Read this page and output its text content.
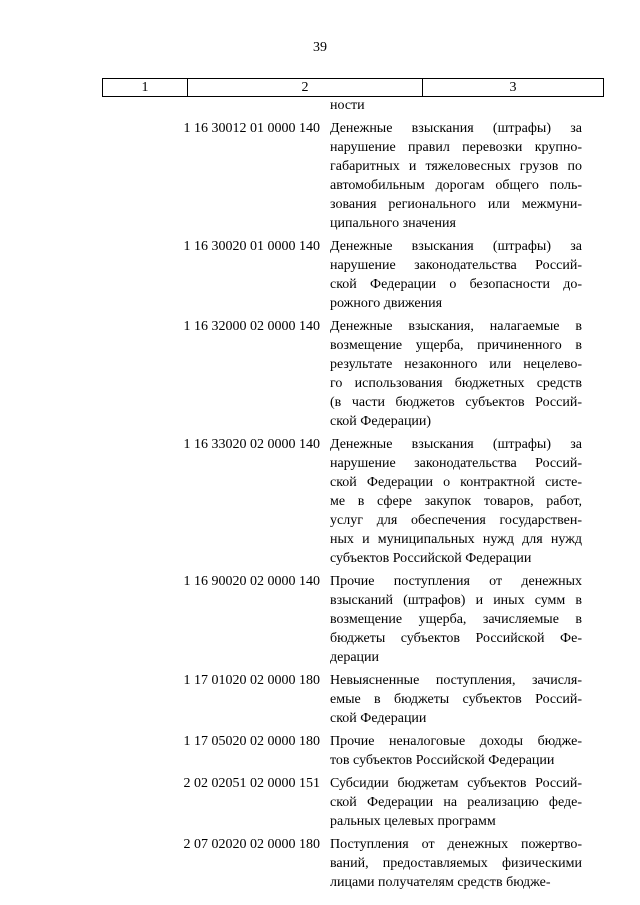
39
1	2	3
ности
1 16 30012 01 0000 140 Денежные взыскания (штрафы) за
нарушение правил перевозки крупно-
габаритных и тяжеловесных грузов по
автомобильным дорогам общего поль-
зования регионального или межмуни-
ципального значения
1 16 30020 01 0000 140 Денежные взыскания (штрафы) за
нарушение законодательства Россий-
ской Федерации о безопасности до-
рожного движения
1 16 32000 02 0000 140 Денежные взыскания, налагаемые в
возмещение ущерба, причиненного в
результате незаконного или нецелево-
го использования бюджетных средств
(в части бюджетов субъектов Россий-
ской Федерации)
1 16 33020 02 0000 140 Денежные взыскания (штрафы) за
нарушение законодательства Россий-
ской Федерации о контрактной систе-
ме в сфере закупок товаров, работ,
услуг для обеспечения государствен-
ных и муниципальных нужд для нужд
субъектов Российской Федерации
1 16 90020 02 0000 140 Прочие поступления от денежных
взысканий (штрафов) и иных сумм в
возмещение ущерба, зачисляемые в
бюджеты субъектов Российской Фе-
дерации
1 17 01020 02 0000 180 Невыясненные поступления, зачисля-
емые в бюджеты субъектов Россий-
ской Федерации
1 17 05020 02 0000 180 Прочие неналоговые доходы бюдже-
тов субъектов Российской Федерации
2 02 02051 02 0000 151 Субсидии бюджетам субъектов Россий-
ской Федерации на реализацию феде-
ральных целевых программ
2 07 02020 02 0000 180 Поступления от денежных пожертво-
ваний, предоставляемых физическими
лицами получателям средств бюдже-
